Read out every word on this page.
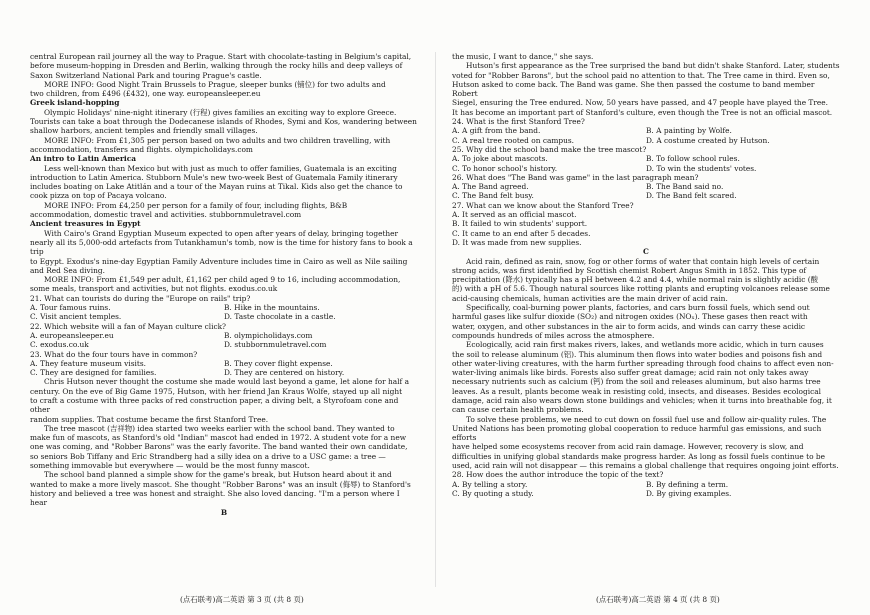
central European rail journey all the way to Prague. Start with chocolate-tasting in Belgium's capital,

before museum-hopping in Dresden and Berlin, walking through the rocky hills and deep valleys of

Saxon Switzerland National Park and touring Prague's castle.

MORE INFO: Good Night Train Brussels to Prague, sleeper bunks (铺位) for two adults and

two children, from £496 (£432), one way. europeansleeper.eu

Greek island-hopping

Olympic Holidays' nine-night itinerary (行程) gives families an exciting way to explore Greece.

Tourists can take a boat through the Dodecanese islands of Rhodes, Symi and Kos, wandering between

shallow harbors, ancient temples and friendly small villages.

MORE INFO: From £1,305 per person based on two adults and two children travelling, with

accommodation, transfers and flights. olympicholidays.com

An intro to Latin America

Less well-known than Mexico but with just as much to offer families, Guatemala is an exciting

introduction to Latin America. Stubborn Mule's new two-week Best of Guatemala Family itinerary

includes boating on Lake Atitlán and a tour of the Mayan ruins at Tikal. Kids also get the chance to

cook pizza on top of Pacaya volcano.

MORE INFO: From £4,250 per person for a family of four, including flights, B&B

accommodation, domestic travel and activities. stubbornmuletravel.com

Ancient treasures in Egypt

With Cairo's Grand Egyptian Museum expected to open after years of delay, bringing together

nearly all its 5,000-odd artefacts from Tutankhamun's tomb, now is the time for history fans to book a trip

to Egypt. Exodus's nine-day Egyptian Family Adventure includes time in Cairo as well as Nile sailing

and Red Sea diving.

MORE INFO: From £1,549 per adult, £1,162 per child aged 9 to 16, including accommodation,

some meals, transport and activities, but not flights. exodus.co.uk

21. What can tourists do during the "Europe on rails" trip?

A. Tour famous ruins.	B. Hike in the mountains.
C. Visit ancient temples.	D. Taste chocolate in a castle.

22. Which website will a fan of Mayan culture click?

A. europeansleeper.eu	B. olympicholidays.com
C. exodus.co.uk	D. stubbornmuletravel.com

23. What do the four tours have in common?

A. They feature museum visits.	B. They cover flight expense.
C. They are designed for families.	D. They are centered on history.

Chris Hutson never thought the costume she made would last beyond a game, let alone for half a

century. On the eve of Big Game 1975, Hutson, with her friend Jan Kraus Wolfe, stayed up all night

to craft a costume with three packs of red construction paper, a diving belt, a Styrofoam cone and other

random supplies. That costume became the first Stanford Tree.

The tree mascot (吉祥物) idea started two weeks earlier with the school band. They wanted to

make fun of mascots, as Stanford's old "Indian" mascot had ended in 1972. A student vote for a new

one was coming, and "Robber Barons" was the early favorite. The band wanted their own candidate,

so seniors Bob Tiffany and Eric Strandberg had a silly idea on a drive to a USC game: a tree —

something immovable but everywhere — would be the most funny mascot.

The school band planned a simple show for the game's break, but Hutson heard about it and

wanted to make a more lively mascot. She thought "Robber Barons" was an insult (侮辱) to Stanford's

history and believed a tree was honest and straight. She also loved dancing. "I'm a person where I hear

B

the music, I want to dance," she says.

Hutson's first appearance as the Tree surprised the band but didn't shake Stanford. Later, students

voted for "Robber Barons", but the school paid no attention to that. The Tree came in third. Even so,

Hutson asked to come back. The Band was game. She then passed the costume to band member Robert

Siegel, ensuring the Tree endured. Now, 50 years have passed, and 47 people have played the Tree.

It has become an important part of Stanford's culture, even though the Tree is not an official mascot.

24. What is the first Stanford Tree?

A. A gift from the band.	B. A painting by Wolfe.
C. A real tree rooted on campus.	D. A costume created by Hutson.

25. Why did the school band make the tree mascot?

A. To joke about mascots.	B. To follow school rules.
C. To honor school's history.	D. To win the students' votes.

26. What does "The Band was game" in the last paragraph mean?

A. The Band agreed.	B. The Band said no.
C. The Band felt busy.	D. The Band felt scared.

27. What can we know about the Stanford Tree?

A. It served as an official mascot.

B. It failed to win students' support.

C. It came to an end after 5 decades.

D. It was made from new supplies.

C

Acid rain, defined as rain, snow, fog or other forms of water that contain high levels of certain

strong acids, was first identified by Scottish chemist Robert Angus Smith in 1852. This type of

precipitation (降水) typically has a pH between 4.2 and 4.4, while normal rain is slightly acidic (酸

的) with a pH of 5.6. Though natural sources like rotting plants and erupting volcanoes release some

acid-causing chemicals, human activities are the main driver of acid rain.

Specifically, coal-burning power plants, factories, and cars burn fossil fuels, which send out

harmful gases like sulfur dioxide (SO₂) and nitrogen oxides (NOₓ). These gases then react with

water, oxygen, and other substances in the air to form acids, and winds can carry these acidic

compounds hundreds of miles across the atmosphere.

Ecologically, acid rain first makes rivers, lakes, and wetlands more acidic, which in turn causes

the soil to release aluminum (铝). This aluminum then flows into water bodies and poisons fish and

other water-living creatures, with the harm further spreading through food chains to affect even non-

water-living animals like birds. Forests also suffer great damage; acid rain not only takes away

necessary nutrients such as calcium (钙) from the soil and releases aluminum, but also harms tree

leaves. As a result, plants become weak in resisting cold, insects, and diseases. Besides ecological

damage, acid rain also wears down stone buildings and vehicles; when it turns into breathable fog, it

can cause certain health problems.

To solve these problems, we need to cut down on fossil fuel use and follow air-quality rules. The

United Nations has been promoting global cooperation to reduce harmful gas emissions, and such efforts

have helped some ecosystems recover from acid rain damage. However, recovery is slow, and

difficulties in unifying global standards make progress harder. As long as fossil fuels continue to be

used, acid rain will not disappear — this remains a global challenge that requires ongoing joint efforts.

28. How does the author introduce the topic of the text?

A. By telling a story.	B. By defining a term.
C. By quoting a study.	D. By giving examples.
(点石联考)高二英语 第 3 页 (共 8 页)	(点石联考)高二英语 第 4 页 (共 8 页)
